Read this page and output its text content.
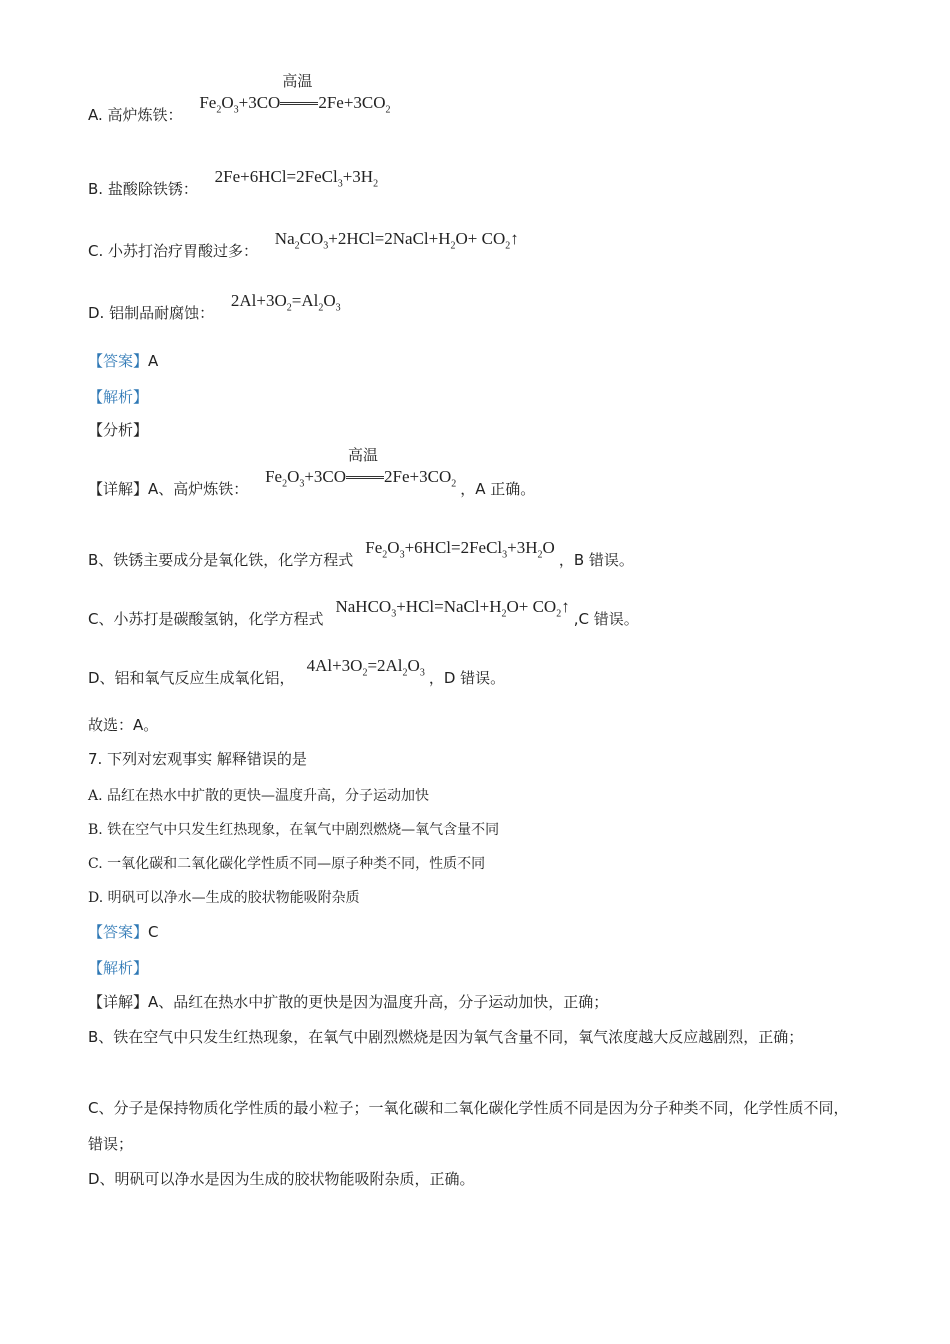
A. 高炉炼铁： $Fe_2O_3+3CO$
高温
$2Fe+3CO_2$
B. 盐酸除铁锈： $2Fe+6HCl=2FeCl_3+3H_2$
C. 小苏打治疗胃酸过多： $Na_2CO_3+2HCl=2NaCl+H_2O+$ $CO_2↑$
D. 铝制品耐腐蚀： $2Al+3O_2=Al_2O_3$
【答案】A
【解析】
【分析】
【详解】A、高炉炼铁： $Fe_2O_3+3CO$
高温
$2Fe+3CO_2$ ，A 正确。
B、铁锈主要成分是氧化铁，化学方程式$Fe_2O_3+6HCl=2FeCl_3+3H_2O$，B 错误。
C、小苏打是碳酸氢钠，化学方程式$NaHCO_3+HCl=NaCl+H_2O+$ $CO_2↑,C$ 错误。
D、铝和氧气反应生成氧化铝，$4Al+3O_2=2Al_2O_3$ ，D 错误。
故选：A。
7. 下列对宏观事实 解释错误的是
A. 品红在热水中扩散的更快—温度升高，分子运动加快
B. 铁在空气中只发生红热现象，在氧气中剧烈燃烧—氧气含量不同
C. 一氧化碳和二氧化碳化学性质不同—原子种类不同，性质不同
D. 明矾可以净水—生成的胶状物能吸附杂质
【答案】C
【解析】
【详解】A、品红在热水中扩散的更快是因为温度升高，分子运动加快，正确；
B、铁在空气中只发生红热现象，在氧气中剧烈燃烧是因为氧气含量不同，氧气浓度越大反应越剧烈，正确；
C、分子是保持物质化学性质的最小粒子；一氧化碳和二氧化碳化学性质不同是因为分子种类不同，化学性质不同，错误；
D、明矾可以净水是因为生成的胶状物能吸附杂质，正确。
